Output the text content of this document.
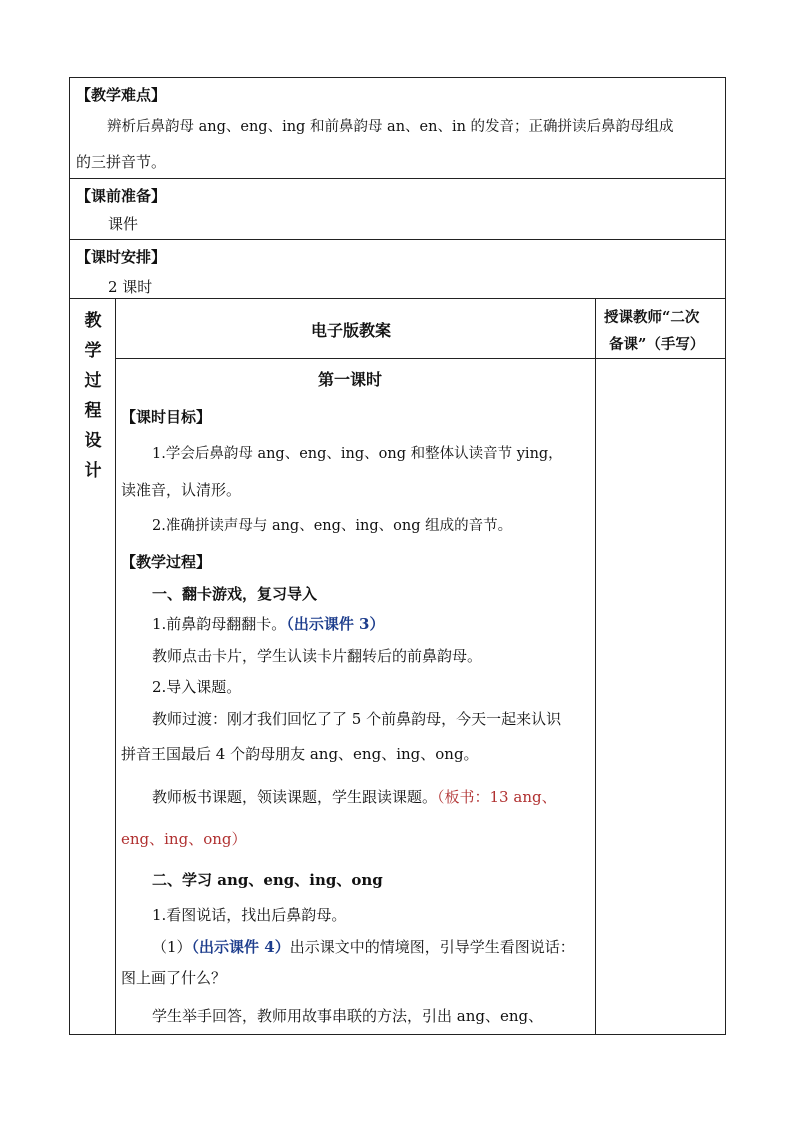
【教学难点】
辨析后鼻韵母 ang、eng、ing 和前鼻韵母 an、en、in 的发音；正确拼读后鼻韵母组成
的三拼音节。
【课前准备】
课件
【课时安排】
2 课时
教
学
过
程
设
计
电子版教案
授课教师“二次
备课”（手写）
第一课时
【课时目标】
1.学会后鼻韵母 ang、eng、ing、ong 和整体认读音节 ying，
读准音，认清形。
2.准确拼读声母与 ang、eng、ing、ong 组成的音节。
【教学过程】
一、翻卡游戏，复习导入
1.前鼻韵母翻翻卡。（出示课件 3）
教师点击卡片，学生认读卡片翻转后的前鼻韵母。
2.导入课题。
教师过渡：刚才我们回忆了了 5 个前鼻韵母，今天一起来认识
拼音王国最后 4 个韵母朋友 ang、eng、ing、ong。
教师板书课题，领读课题，学生跟读课题。（板书：13 ang、
eng、ing、ong）
二、学习 ang、eng、ing、ong
1.看图说话，找出后鼻韵母。
（1）（出示课件 4）出示课文中的情境图，引导学生看图说话：
图上画了什么？
学生举手回答，教师用故事串联的方法，引出 ang、eng、
